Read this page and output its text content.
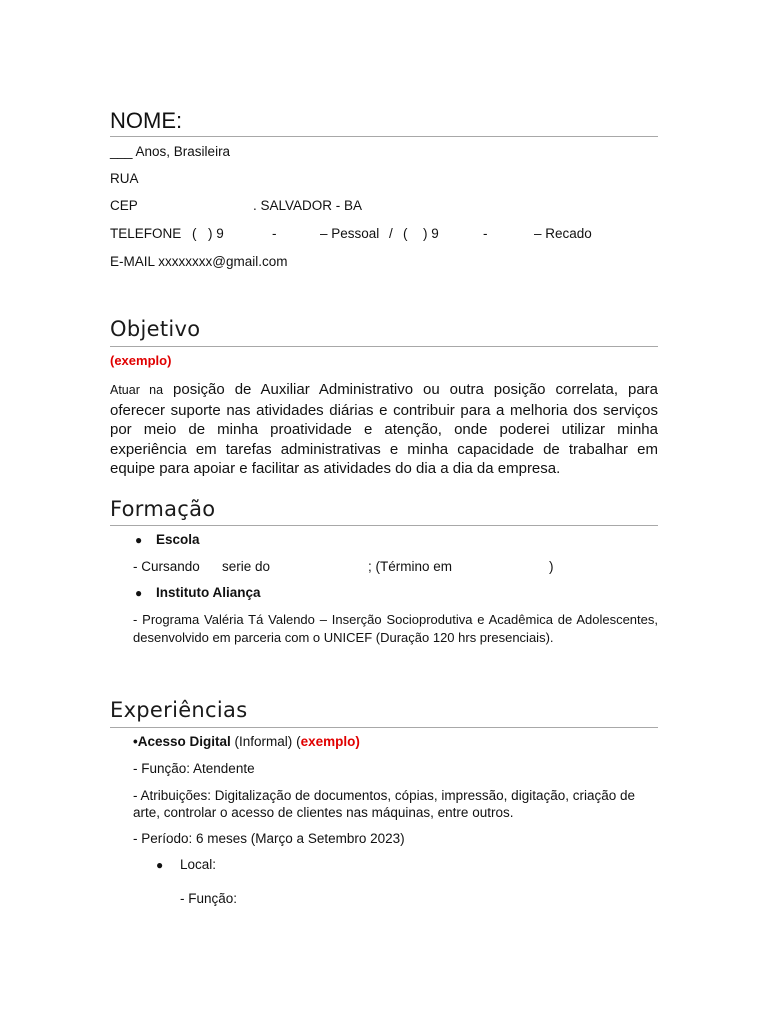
NOME:
___ Anos, Brasileira
RUA
CEP	. SALVADOR - BA
TELEFONE ( ) 9	-	– Pessoal / ( ) 9	-	– Recado
E-MAIL xxxxxxxx@gmail.com
Objetivo
(exemplo)
Atuar na posição de Auxiliar Administrativo ou outra posição correlata, para oferecer suporte nas atividades diárias e contribuir para a melhoria dos serviços por meio de minha proatividade e atenção, onde poderei utilizar minha experiência em tarefas administrativas e minha capacidade de trabalhar em equipe para apoiar e facilitar as atividades do dia a dia da empresa.
Formação
● Escola
- Cursando serie do	; (Término em	)
● Instituto Aliança
- Programa Valéria Tá Valendo – Inserção Socioprodutiva e Acadêmica de Adolescentes, desenvolvido em parceria com o UNICEF (Duração 120 hrs presenciais).
Experiências
•Acesso Digital (Informal) (exemplo)
- Função: Atendente
- Atribuições: Digitalização de documentos, cópias, impressão, digitação, criação de arte, controlar o acesso de clientes nas máquinas, entre outros.
- Período: 6 meses (Março a Setembro 2023)
● Local:
- Função:
